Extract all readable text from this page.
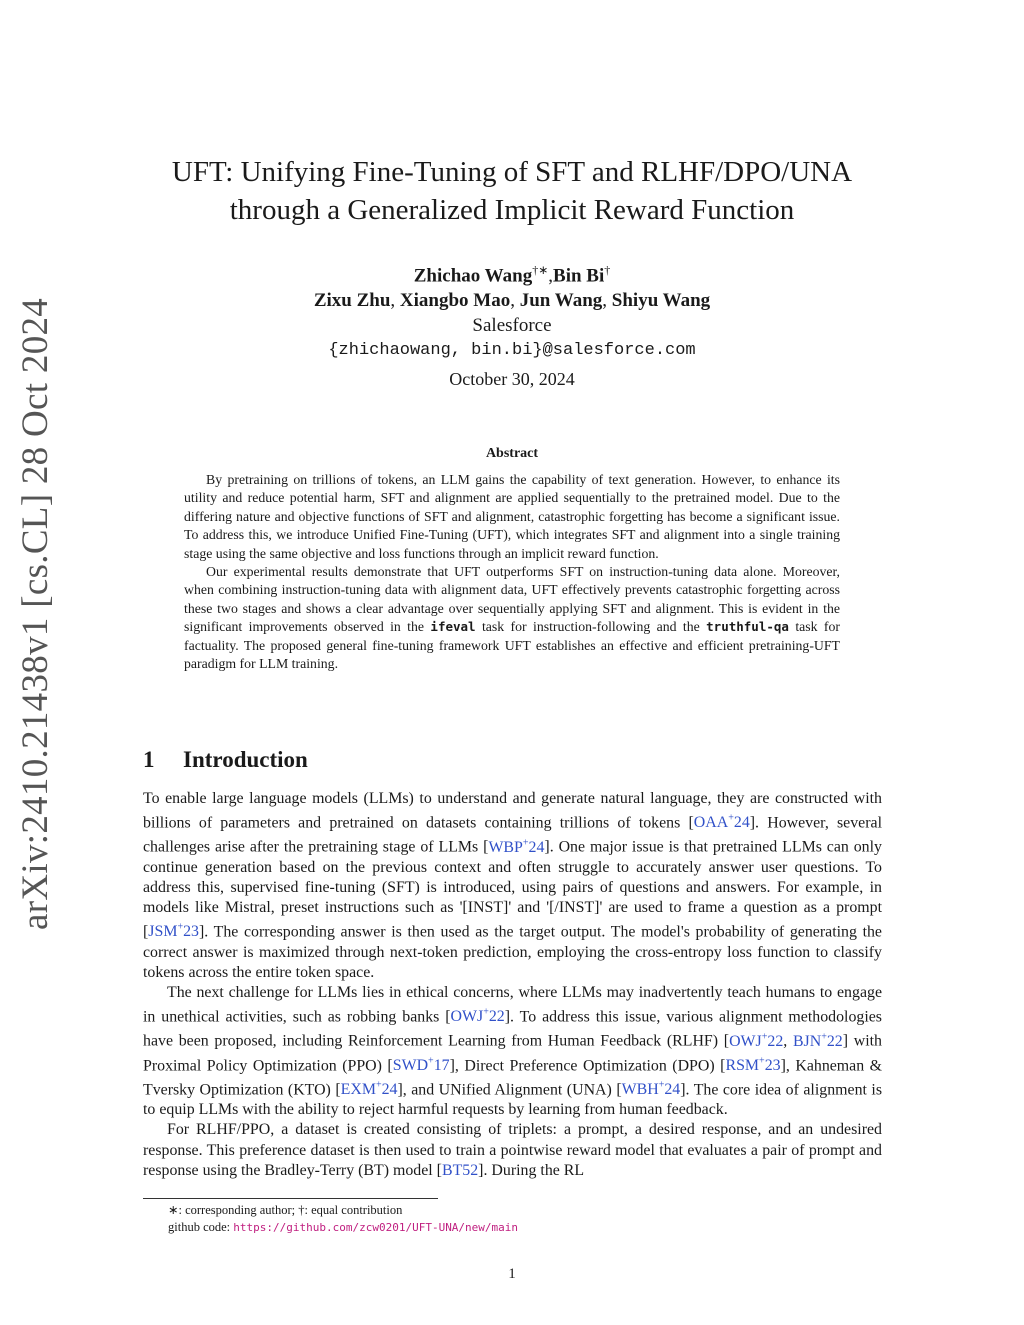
arXiv:2410.21438v1 [cs.CL] 28 Oct 2024
UFT: Unifying Fine-Tuning of SFT and RLHF/DPO/UNA
through a Generalized Implicit Reward Function
Zhichao Wang†∗,Bin Bi†
Zixu Zhu, Xiangbo Mao, Jun Wang, Shiyu Wang
Salesforce
{zhichaowang, bin.bi}@salesforce.com
October 30, 2024
Abstract

By pretraining on trillions of tokens, an LLM gains the capability of text generation. However, to enhance its utility and reduce potential harm, SFT and alignment are applied sequentially to the pretrained model. Due to the differing nature and objective functions of SFT and alignment, catastrophic forgetting has become a significant issue. To address this, we introduce Unified Fine-Tuning (UFT), which integrates SFT and alignment into a single training stage using the same objective and loss functions through an implicit reward function.

Our experimental results demonstrate that UFT outperforms SFT on instruction-tuning data alone. Moreover, when combining instruction-tuning data with alignment data, UFT effectively prevents catastrophic forgetting across these two stages and shows a clear advantage over sequentially applying SFT and alignment. This is evident in the significant improvements observed in the ifeval task for instruction-following and the truthful-qa task for factuality. The proposed general fine-tuning framework UFT establishes an effective and efficient pretraining-UFT paradigm for LLM training.

1 Introduction

To enable large language models (LLMs) to understand and generate natural language, they are constructed with billions of parameters and pretrained on datasets containing trillions of tokens [OAA+24]. However, several challenges arise after the pretraining stage of LLMs [WBP+24]. One major issue is that pretrained LLMs can only continue generation based on the previous context and often struggle to accurately answer user questions. To address this, supervised fine-tuning (SFT) is introduced, using pairs of questions and answers. For example, in models like Mistral, preset instructions such as '[INST]' and '[/INST]' are used to frame a question as a prompt [JSM+23]. The corresponding answer is then used as the target output. The model's probability of generating the correct answer is maximized through next-token prediction, employing the cross-entropy loss function to classify tokens across the entire token space.

The next challenge for LLMs lies in ethical concerns, where LLMs may inadvertently teach humans to engage in unethical activities, such as robbing banks [OWJ+22]. To address this issue, various alignment methodologies have been proposed, including Reinforcement Learning from Human Feedback (RLHF) [OWJ+22, BJN+22] with Proximal Policy Optimization (PPO) [SWD+17], Direct Preference Optimization (DPO) [RSM+23], Kahneman & Tversky Optimization (KTO) [EXM+24], and UNified Alignment (UNA) [WBH+24]. The core idea of alignment is to equip LLMs with the ability to reject harmful requests by learning from human feedback.

For RLHF/PPO, a dataset is created consisting of triplets: a prompt, a desired response, and an undesired response. This preference dataset is then used to train a pointwise reward model that evaluates a pair of prompt and response using the Bradley-Terry (BT) model [BT52]. During the RL

∗: corresponding author; †: equal contribution
github code: https://github.com/zcw0201/UFT-UNA/new/main
1
